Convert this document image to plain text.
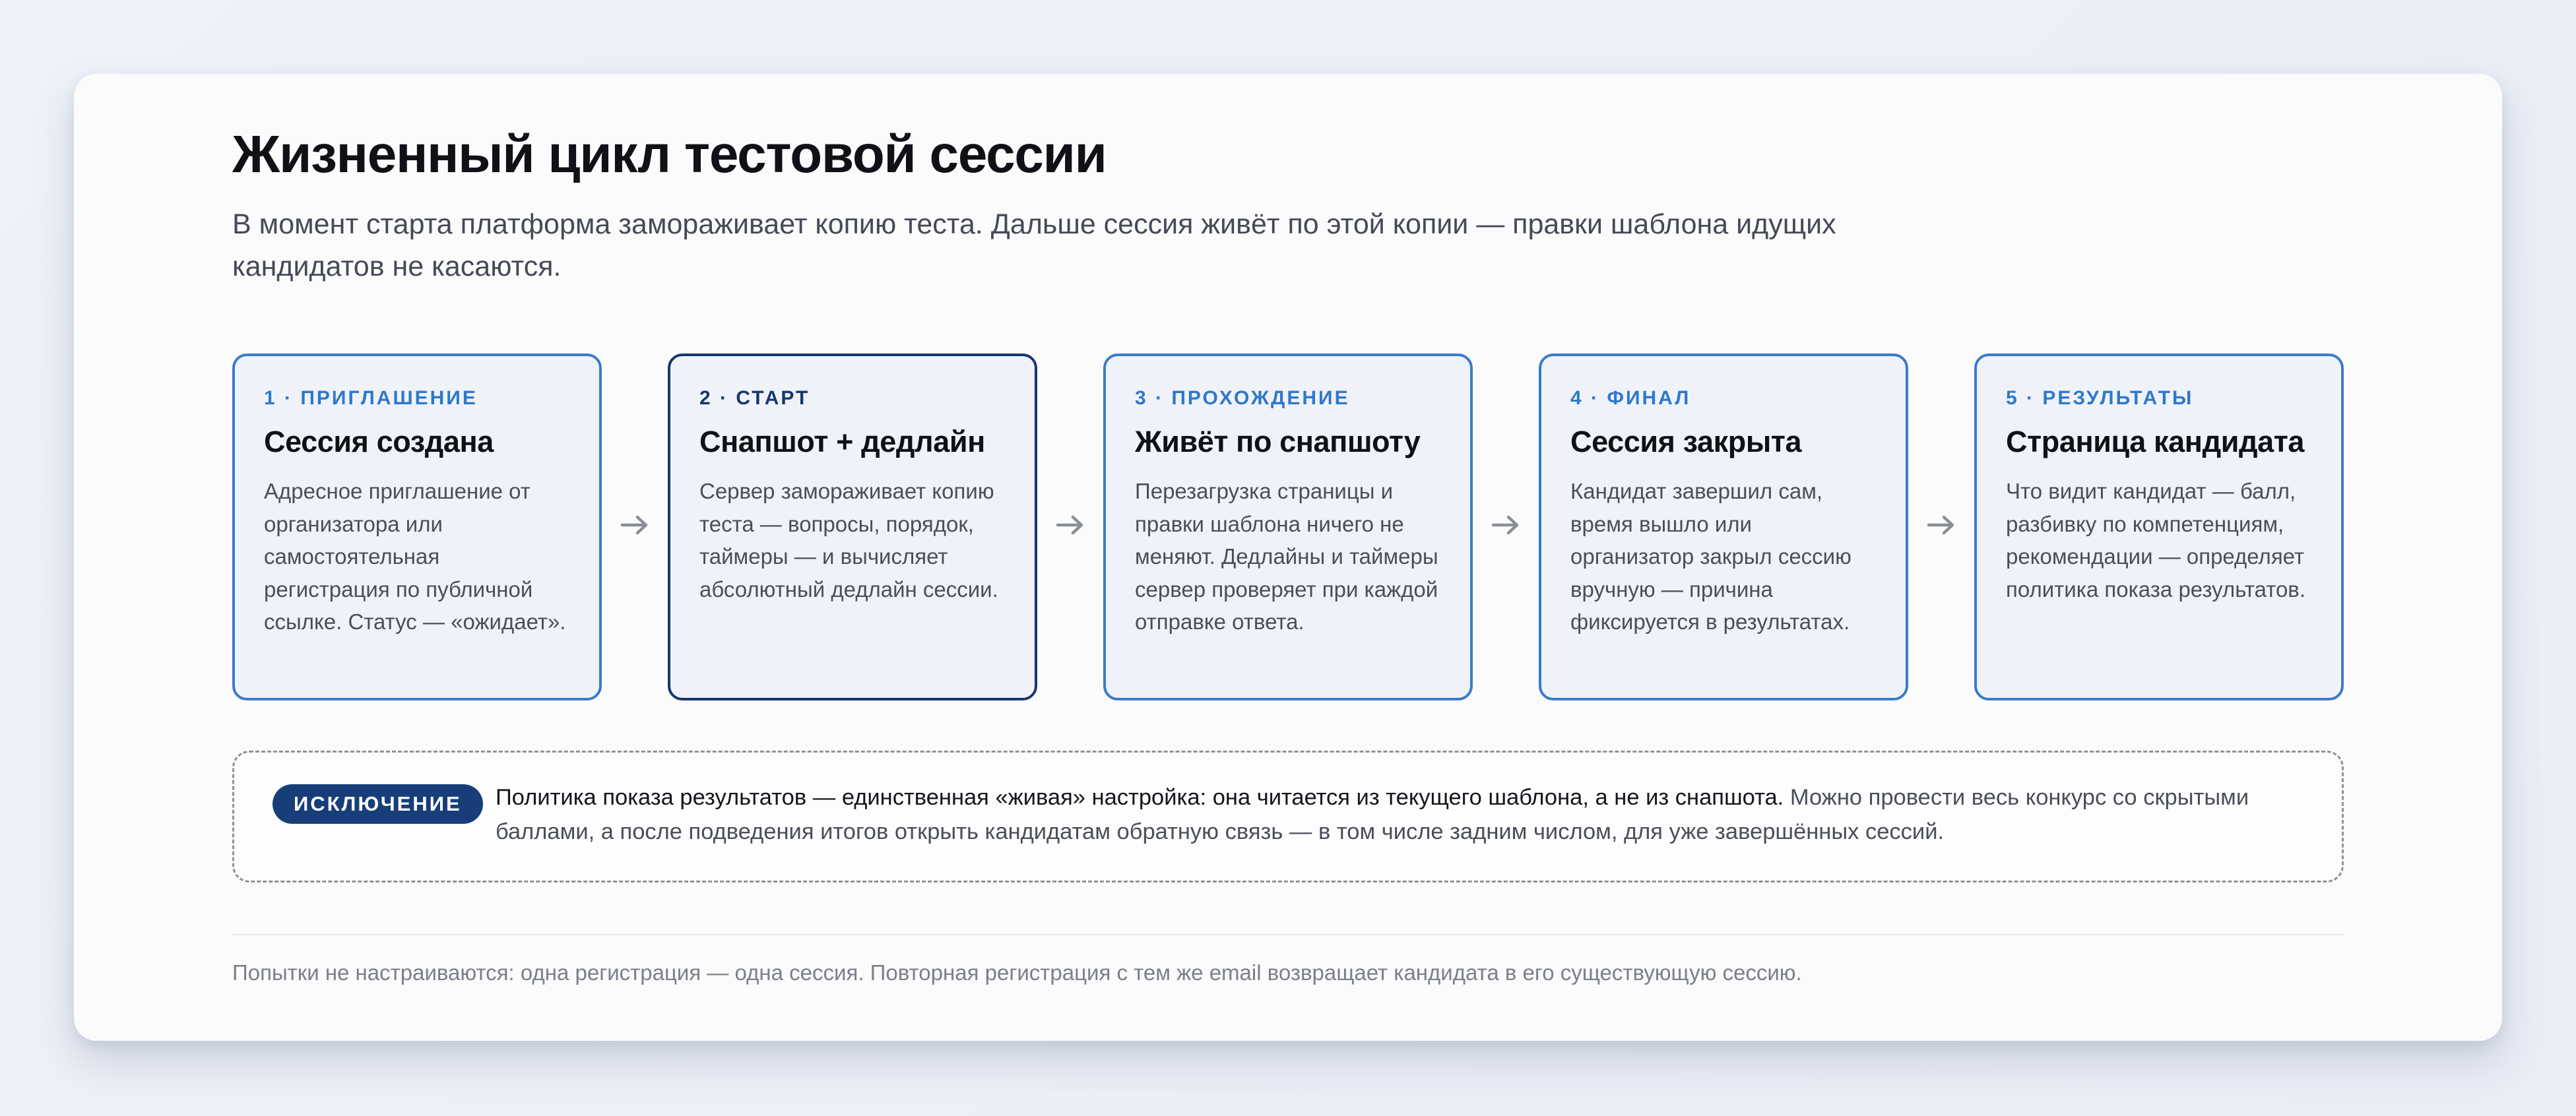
Жизненный цикл тестовой сессии

В момент старта платформа замораживает копию теста. Дальше сессия живёт по этой копии — правки шаблона идущих кандидатов не касаются.

1 · ПРИГЛАШЕНИЕ
Сессия создана
Адресное приглашение от организатора или самостоятельная регистрация по публичной ссылке. Статус — «ожидает».
2 · СТАРТ
Снапшот + дедлайн
Сервер замораживает копию теста — вопросы, порядок, таймеры — и вычисляет абсолютный дедлайн сессии.
3 · ПРОХОЖДЕНИЕ
Живёт по снапшоту
Перезагрузка страницы и правки шаблона ничего не меняют. Дедлайны и таймеры сервер проверяет при каждой отправке ответа.
4 · ФИНАЛ
Сессия закрыта
Кандидат завершил сам, время вышло или организатор закрыл сессию вручную — причина фиксируется в результатах.
5 · РЕЗУЛЬТАТЫ
Страница кандидата
Что видит кандидат — балл, разбивку по компетенциям, рекомендации — определяет политика показа результатов.
ИСКЛЮЧЕНИЕ	Политика показа результатов — единственная «живая» настройка: она читается из текущего шаблона, а не из снапшота. Можно провести весь конкурс со скрытыми баллами, а после подведения итогов открыть кандидатам обратную связь — в том числе задним числом, для уже завершённых сессий.

Попытки не настраиваются: одна регистрация — одна сессия. Повторная регистрация с тем же email возвращает кандидата в его существующую сессию.
